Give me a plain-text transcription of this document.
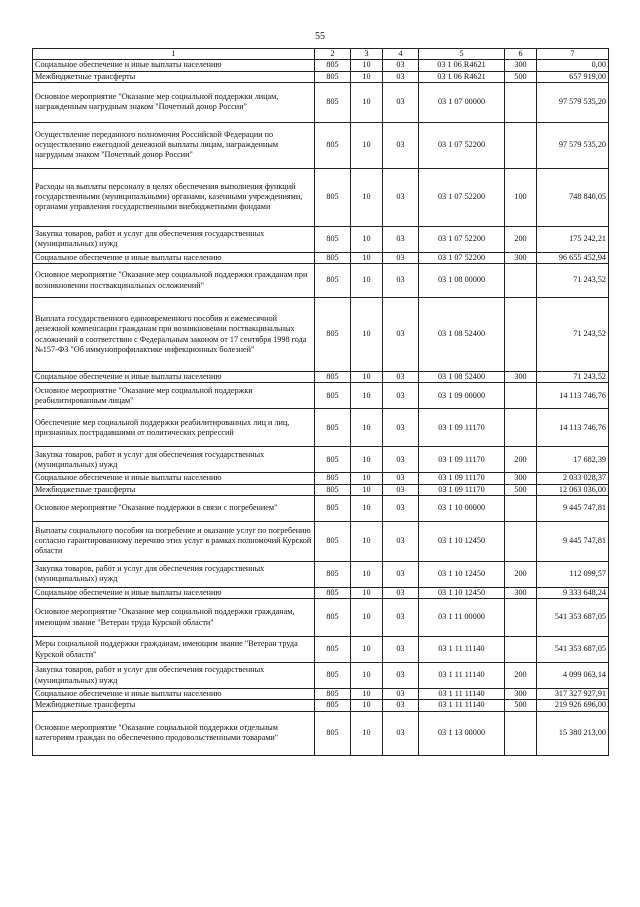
55
1	2	3	4	5	6	7
Социальное обеспечение и иные выплаты населению	805	10	03	03 1 06 R4621	300	0,00
Межбюджетные трансферты	805	10	03	03 1 06 R4621	500	657 919,00
Основное мероприятие "Оказание мер социальной поддержки лицам, награжденным нагрудным знаком "Почетный донор России"	805	10	03	03 1 07 00000		97 579 535,20
Осуществление переданного полномочия Российской Федерации по осуществлению ежегодной денежной выплаты лицам, награжденным нагрудным знаком "Почетный донор России"	805	10	03	03 1 07 52200		97 579 535,20
Расходы на выплаты персоналу в целях обеспечения выполнения функций государственными (муниципальными) органами, казенными учреждениями, органами управления государственными внебюджетными фондами	805	10	03	03 1 07 52200	100	748 840,05
Закупка товаров, работ и услуг для обеспечения государственных (муниципальных) нужд	805	10	03	03 1 07 52200	200	175 242,21
Социальное обеспечение и иные выплаты населению	805	10	03	03 1 07 52200	300	96 655 452,94
Основное мероприятие "Оказание мер социальной поддержки гражданам при возникновении поствакцинальных осложнений"	805	10	03	03 1 08 00000		71 243,52
Выплата государственного единовременного пособия и ежемесячной денежной компенсации гражданам при возникновении поствакцинальных осложнений в соответствии с Федеральным законом от 17 сентября 1998 года №157-ФЗ "Об иммунопрофилактике инфекционных болезней"	805	10	03	03 1 08 52400		71 243,52
Социальное обеспечение и иные выплаты населению	805	10	03	03 1 08 52400	300	71 243,52
Основное мероприятие "Оказание мер социальной поддержки реабилитированным лицам"	805	10	03	03 1 09 00000		14 113 746,76
Обеспечение мер социальной поддержки реабилитированных лиц и лиц, признанных пострадавшими от политических репрессий	805	10	03	03 1 09 11170		14 113 746,76
Закупка товаров, работ и услуг для обеспечения государственных (муниципальных) нужд	805	10	03	03 1 09 11170	200	17 682,39
Социальное обеспечение и иные выплаты населению	805	10	03	03 1 09 11170	300	2 033 028,37
Межбюджетные трансферты	805	10	03	03 1 09 11170	500	12 063 036,00
Основное мероприятие "Оказание поддержки в связи с погребением"	805	10	03	03 1 10 00000		9 445 747,81
Выплаты социального пособия на погребение и оказание услуг по погребению согласно гарантированному перечню этих услуг в рамках полномочий Курской области	805	10	03	03 1 10 12450		9 445 747,81
Закупка товаров, работ и услуг для обеспечения государственных (муниципальных) нужд	805	10	03	03 1 10 12450	200	112 099,57
Социальное обеспечение и иные выплаты населению	805	10	03	03 1 10 12450	300	9 333 648,24
Основное мероприятие "Оказание мер социальной поддержки гражданам, имеющим звание "Ветеран труда Курской области"	805	10	03	03 1 11 00000		541 353 687,05
Меры социальной поддержки гражданам, имеющим звание "Ветеран труда Курской области"	805	10	03	03 1 11 11140		541 353 687,05
Закупка товаров, работ и услуг для обеспечения государственных (муниципальных) нужд	805	10	03	03 1 11 11140	200	4 099 063,14
Социальное обеспечение и иные выплаты населению	805	10	03	03 1 11 11140	300	317 327 927,91
Межбюджетные трансферты	805	10	03	03 1 11 11140	500	219 926 696,00
Основное мероприятие "Оказание социальной поддержки отдельным категориям граждан по обеспечению продовольственными товарами"	805	10	03	03 1 13 00000		15 380 213,00
